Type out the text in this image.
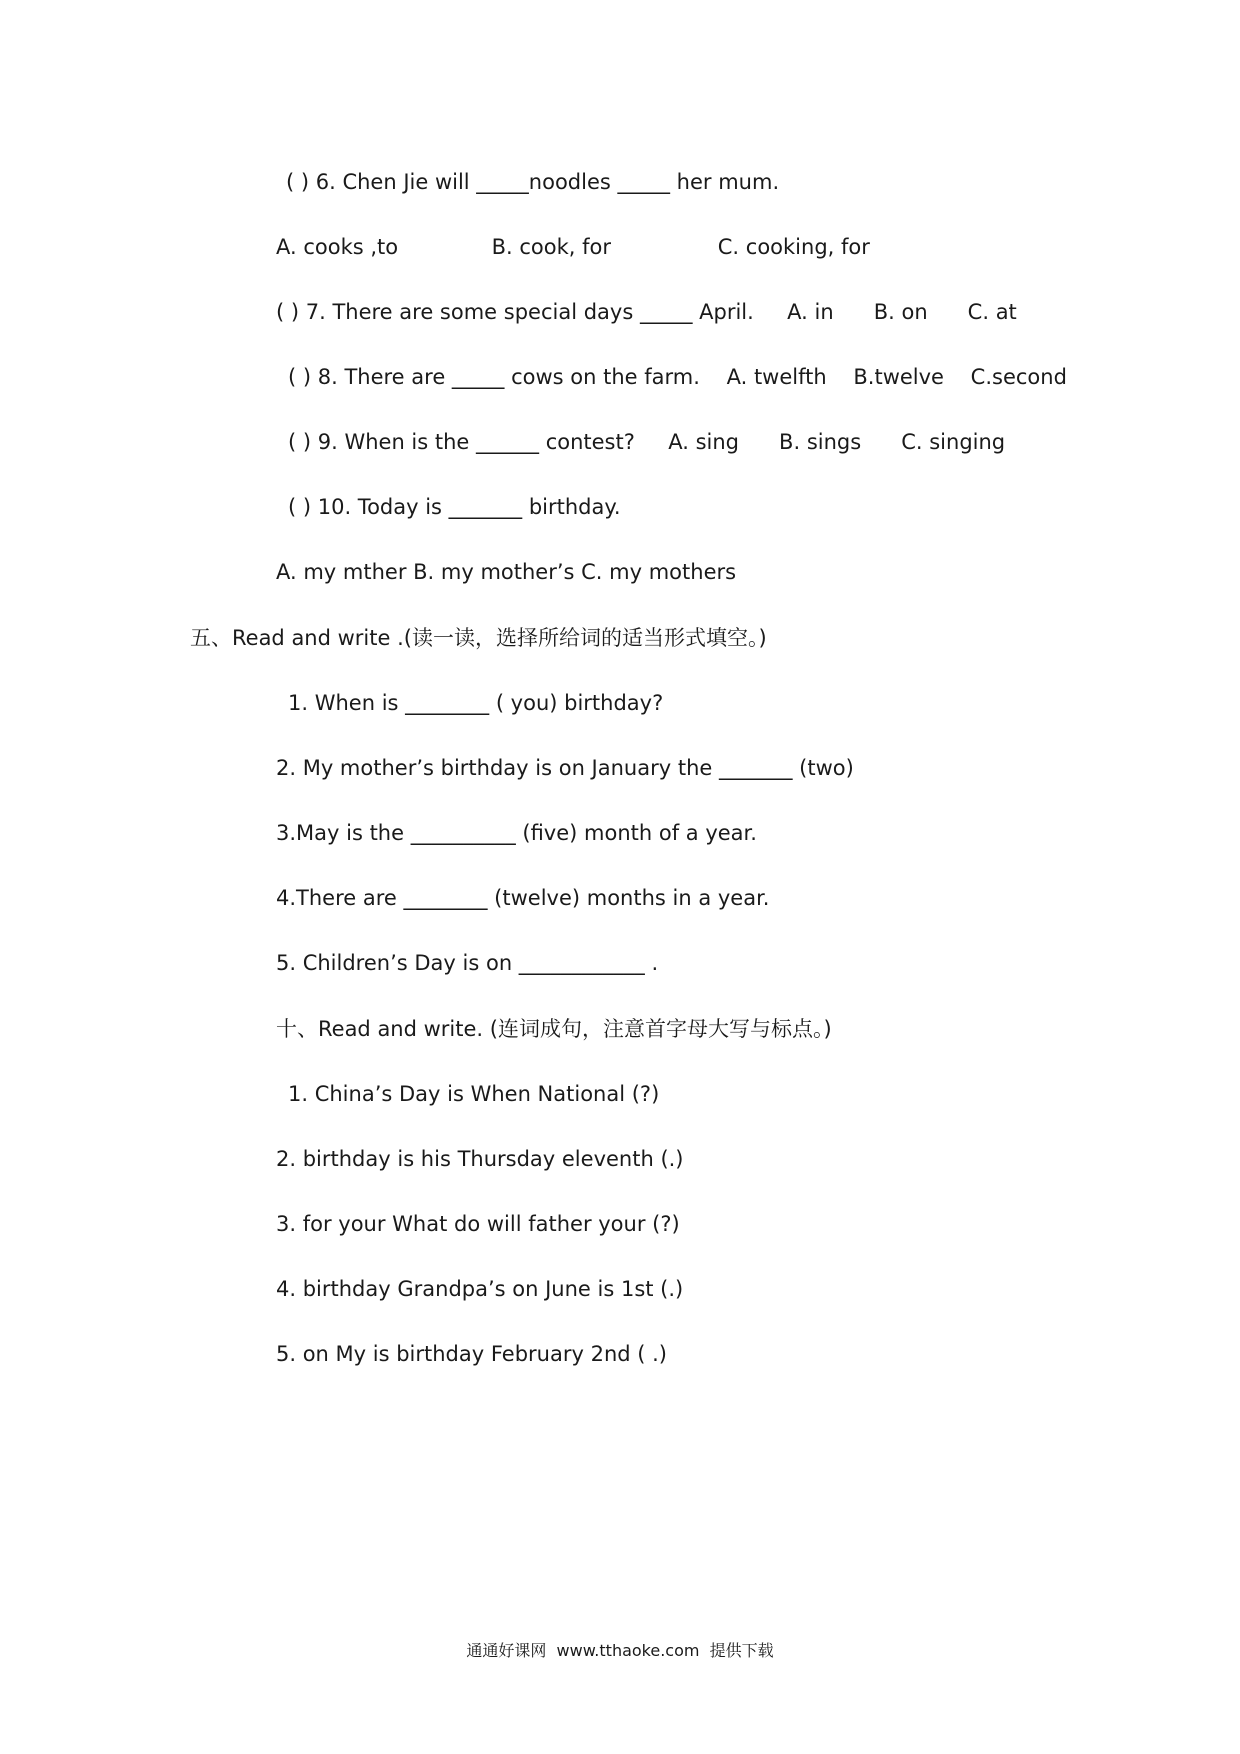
( ) 6. Chen Jie will _____noodles _____ her mum.
A. cooks ,to              B. cook, for                C. cooking, for
( ) 7. There are some special days _____ April.     A. in      B. on      C. at
( ) 8. There are _____ cows on the farm.    A. twelfth    B.twelve    C.second
( ) 9. When is the ______ contest?     A. sing      B. sings      C. singing
( ) 10. Today is _______ birthday.
A. my mther B. my mother’s C. my mothers
五、Read and write .(读一读，选择所给词的适当形式填空。)
1. When is ________ ( you) birthday?
2. My mother’s birthday is on January the _______ (two)
3.May is the __________ (five) month of a year.
4.There are ________ (twelve) months in a year.
5. Children’s Day is on ____________ .
十、Read and write. (连词成句，注意首字母大写与标点。)
1. China’s Day is When National (?)
2. birthday is his Thursday eleventh (.)
3. for your What do will father your (?)
4. birthday Grandpa’s on June is 1st (.)
5. on My is birthday February 2nd ( .)
通通好课网  www.tthaoke.com  提供下载
